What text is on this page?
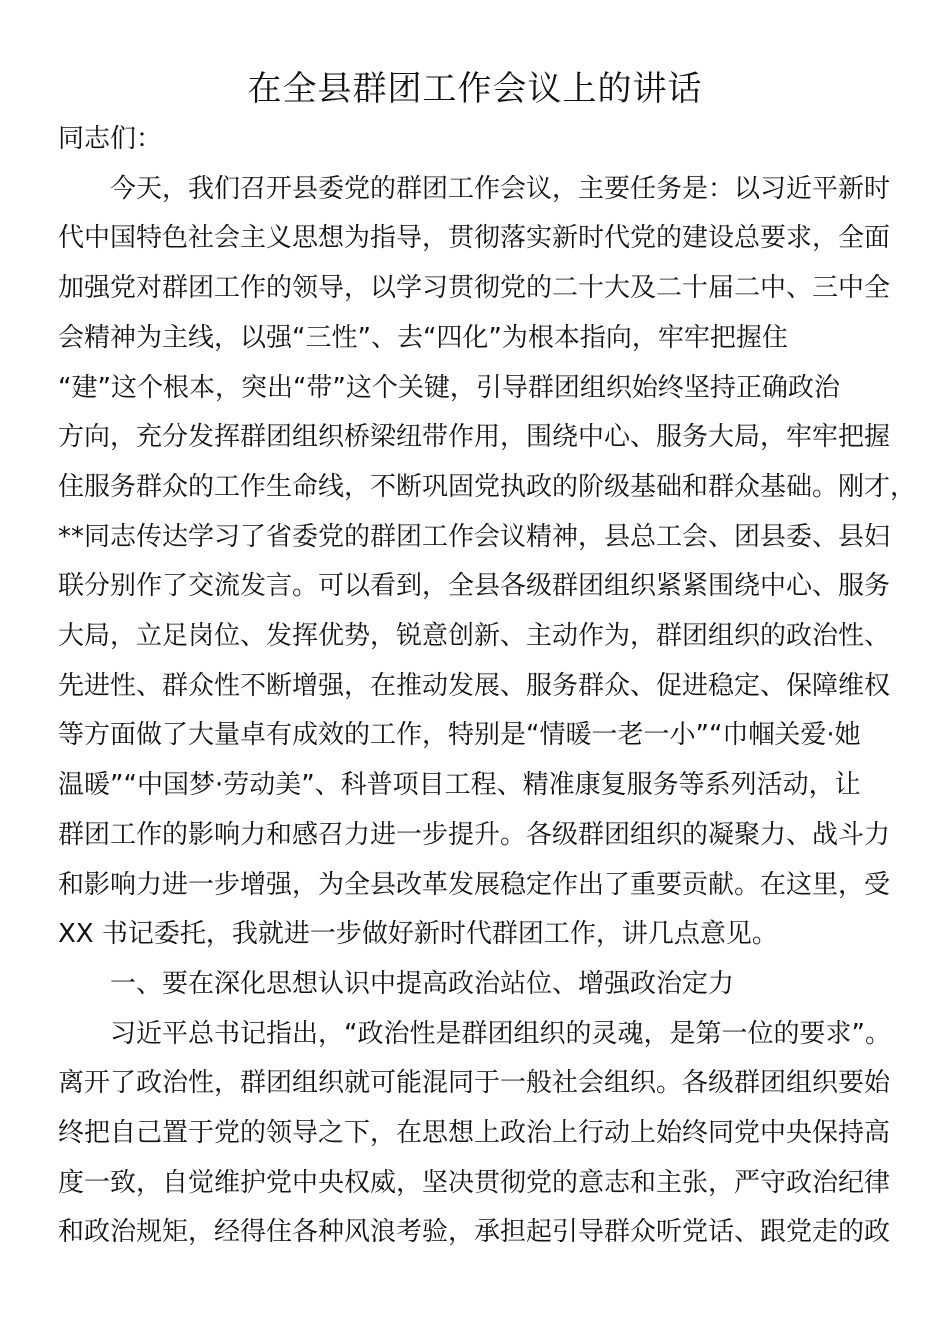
在全县群团工作会议上的讲话

同志们：

今天，我们召开县委党的群团工作会议，主要任务是：以习近平新时
代中国特色社会主义思想为指导，贯彻落实新时代党的建设总要求，全面
加强党对群团工作的领导，以学习贯彻党的二十大及二十届二中、三中全
会精神为主线，以强“三性”、去“四化”为根本指向，牢牢把握住
“建”这个根本，突出“带”这个关键，引导群团组织始终坚持正确政治
方向，充分发挥群团组织桥梁纽带作用，围绕中心、服务大局，牢牢把握
住服务群众的工作生命线，不断巩固党执政的阶级基础和群众基础。刚才，
**同志传达学习了省委党的群团工作会议精神，县总工会、团县委、县妇
联分别作了交流发言。可以看到，全县各级群团组织紧紧围绕中心、服务
大局，立足岗位、发挥优势，锐意创新、主动作为，群团组织的政治性、
先进性、群众性不断增强，在推动发展、服务群众、促进稳定、保障维权
等方面做了大量卓有成效的工作，特别是“情暖一老一小”“巾帼关爱·她
温暖”“中国梦·劳动美”、科普项目工程、精准康复服务等系列活动，让
群团工作的影响力和感召力进一步提升。各级群团组织的凝聚力、战斗力
和影响力进一步增强，为全县改革发展稳定作出了重要贡献。在这里，受
XX 书记委托，我就进一步做好新时代群团工作，讲几点意见。

一、要在深化思想认识中提高政治站位、增强政治定力

习近平总书记指出，“政治性是群团组织的灵魂，是第一位的要求”。
离开了政治性，群团组织就可能混同于一般社会组织。各级群团组织要始
终把自己置于党的领导之下，在思想上政治上行动上始终同党中央保持高
度一致，自觉维护党中央权威，坚决贯彻党的意志和主张，严守政治纪律
和政治规矩，经得住各种风浪考验，承担起引导群众听党话、跟党走的政
